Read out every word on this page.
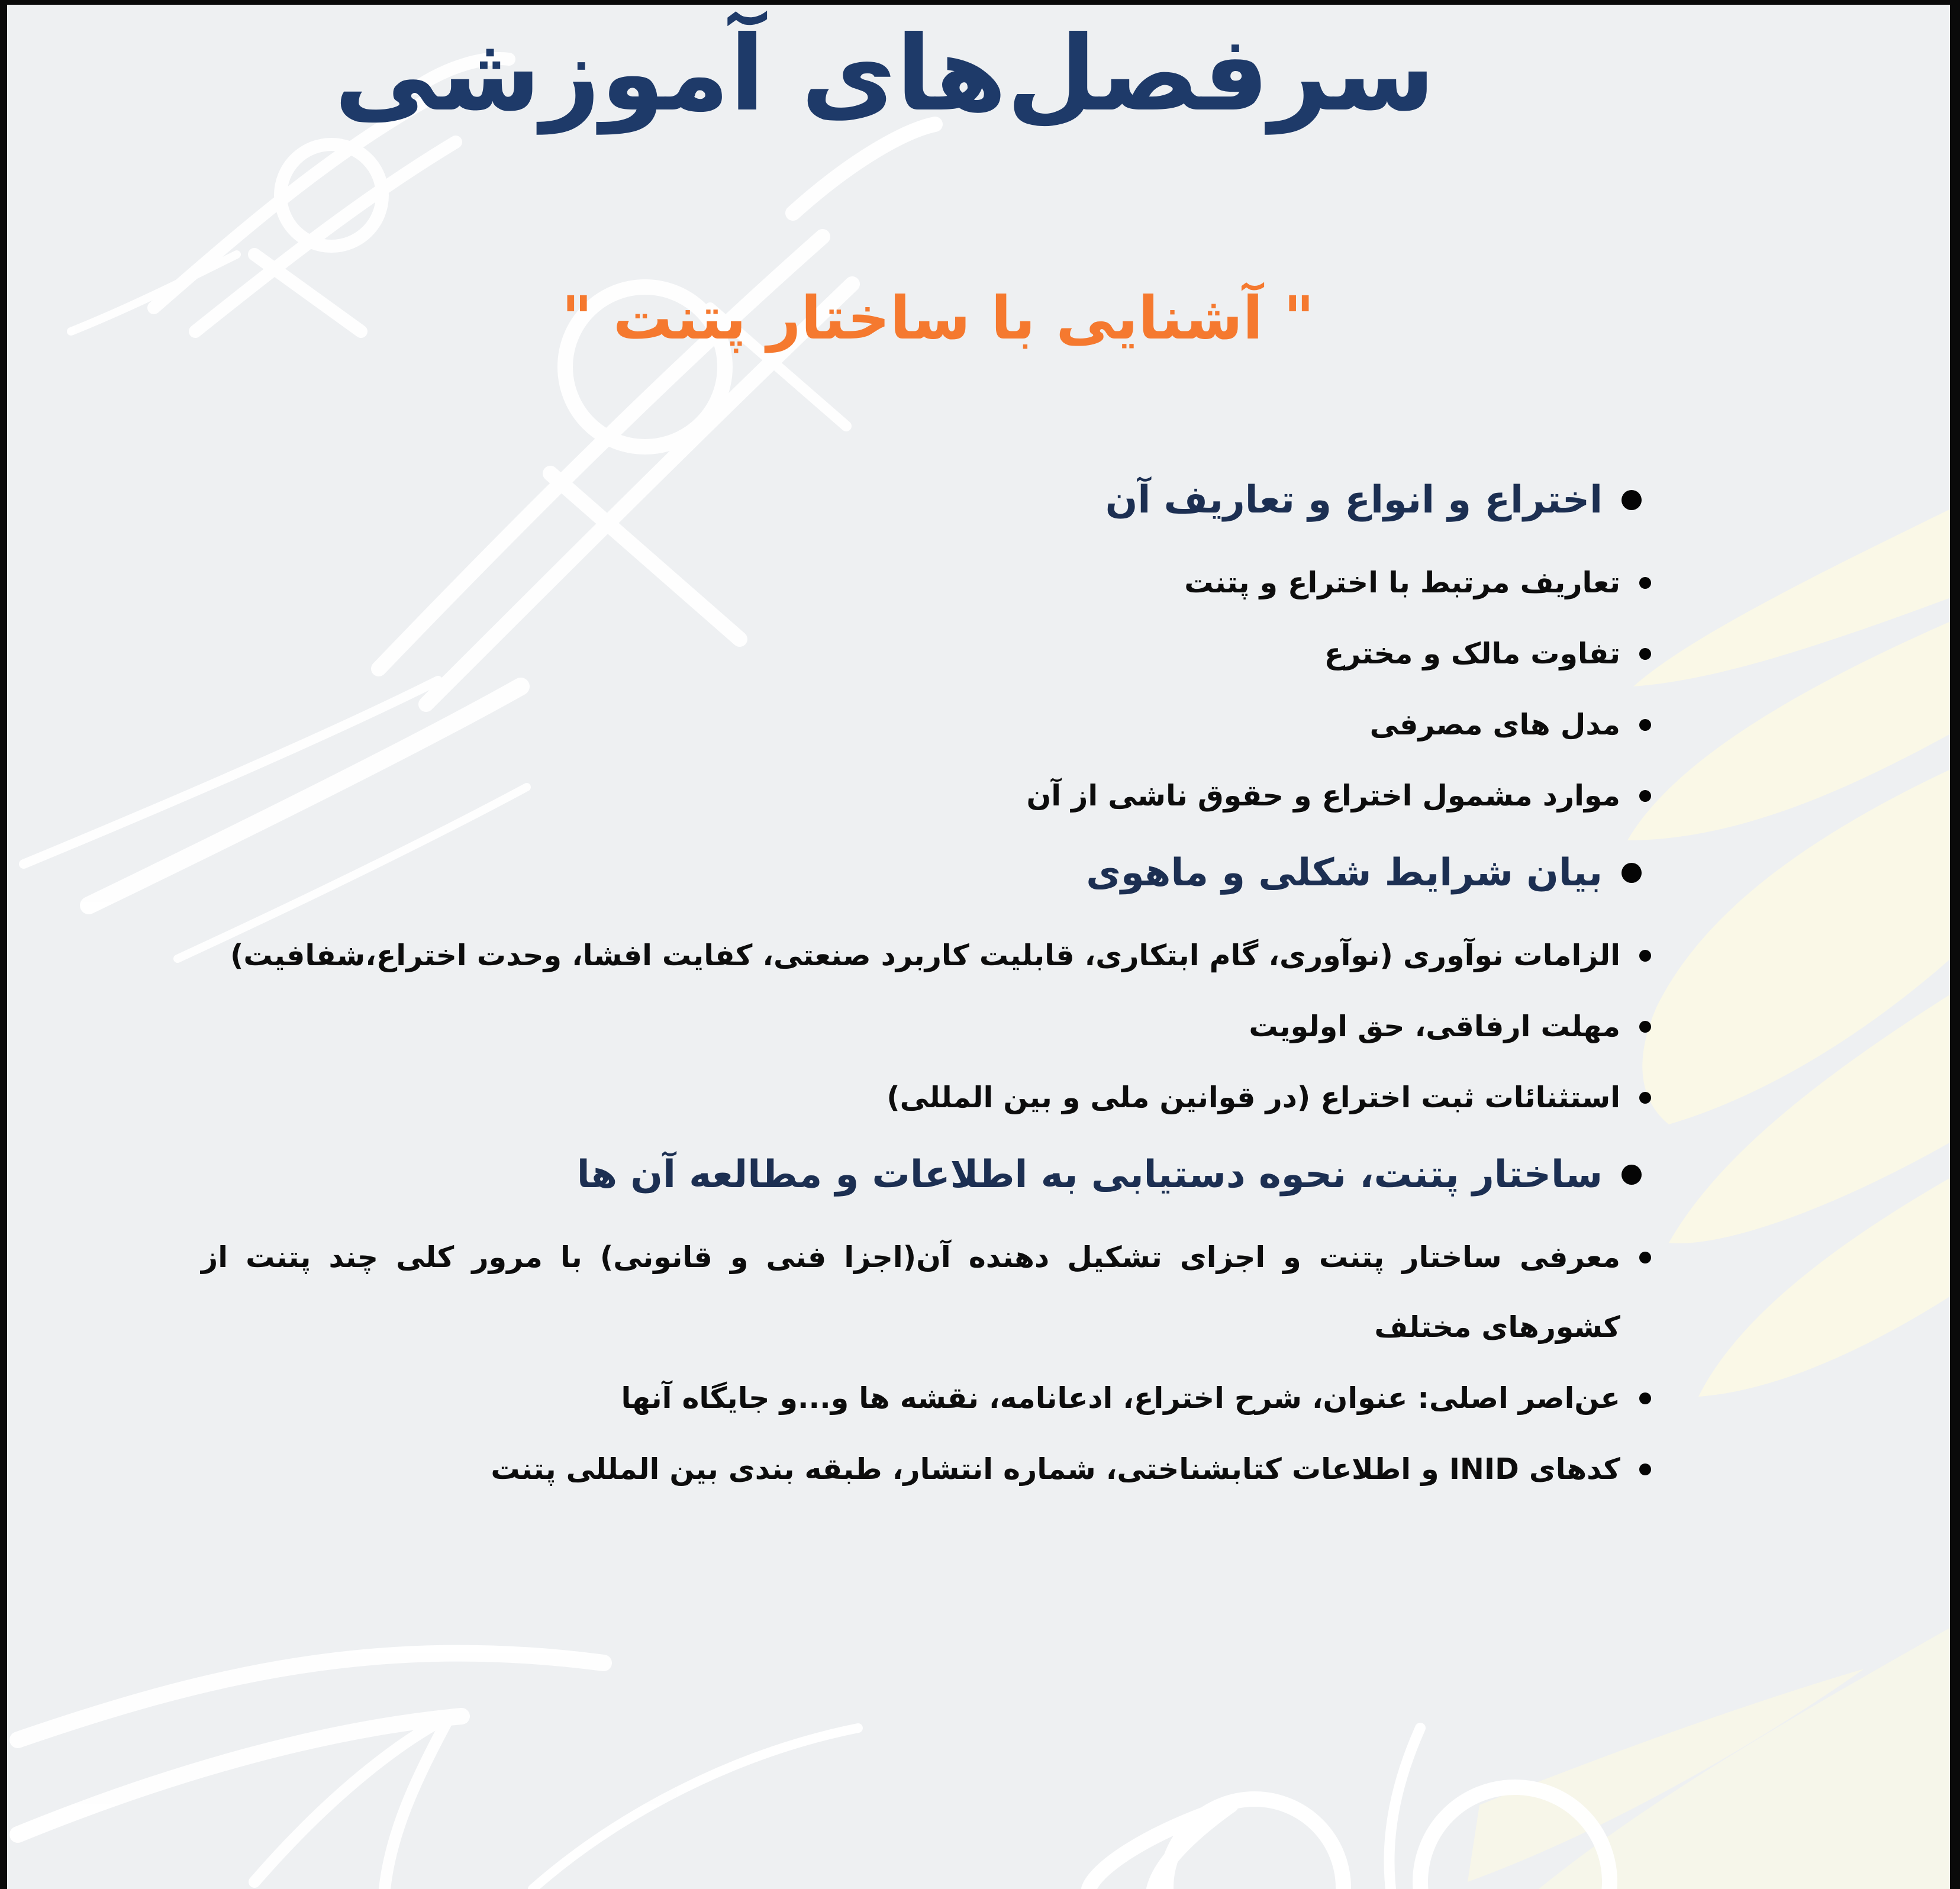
سرفصل‌های آموزشی
" آشنایی با ساختار پتنت "
اختراع و انواع و تعاریف آن
تعاریف مرتبط با اختراع و پتنت
تفاوت مالک و مخترع
مدل های مصرفی
موارد مشمول اختراع و حقوق ناشی از آن
بیان شرایط شکلی و ماهوی
الزامات نوآوری (نوآوری، گام ابتکاری، قابلیت کاربرد صنعتی، کفایت افشا، وحدت اختراع،شفافیت)
مهلت ارفاقی، حق اولویت
استثنائات ثبت اختراع (در قوانین ملی و بین المللی)
ساختار پتنت، نحوه دستیابی به اطلاعات و مطالعه آن ها
معرفی ساختار پتنت و اجزای تشکیل دهنده آن(اجزا فنی و قانونی) با مرور کلی چند پتنت از کشورهای مختلف
عن‌اصر اصلی: عنوان، شرح اختراع، ادعانامه، نقشه ها و...و جایگاه آنها
کدهای INID و اطلاعات کتابشناختی، شماره انتشار، طبقه بندی بین المللی پتنت
